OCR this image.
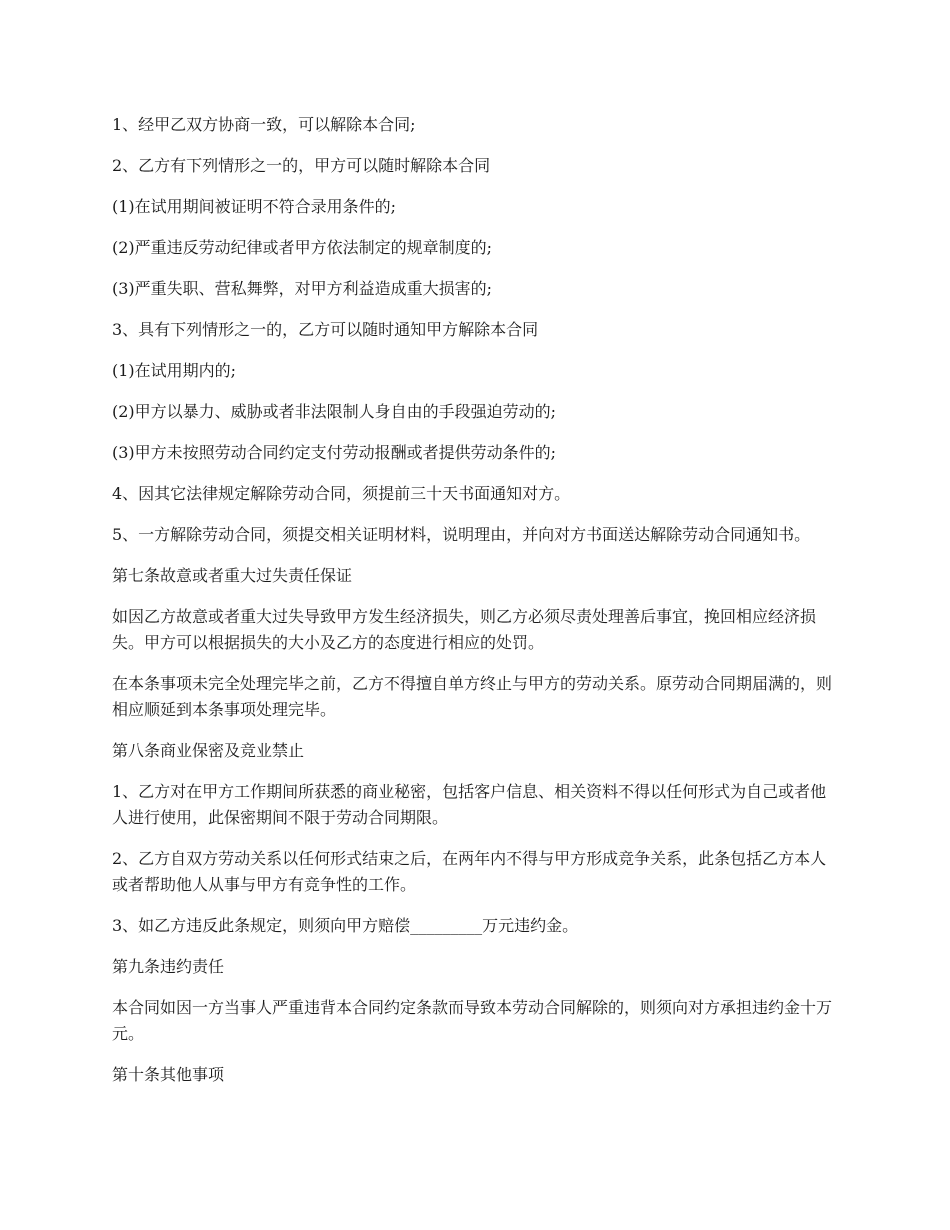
1、经甲乙双方协商一致，可以解除本合同;

2、乙方有下列情形之一的，甲方可以随时解除本合同

(1)在试用期间被证明不符合录用条件的;

(2)严重违反劳动纪律或者甲方依法制定的规章制度的;

(3)严重失职、营私舞弊，对甲方利益造成重大损害的;

3、具有下列情形之一的，乙方可以随时通知甲方解除本合同

(1)在试用期内的;

(2)甲方以暴力、威胁或者非法限制人身自由的手段强迫劳动的;

(3)甲方未按照劳动合同约定支付劳动报酬或者提供劳动条件的;

4、因其它法律规定解除劳动合同，须提前三十天书面通知对方。

5、一方解除劳动合同，须提交相关证明材料，说明理由，并向对方书面送达解除劳动合同通知书。

第七条故意或者重大过失责任保证

如因乙方故意或者重大过失导致甲方发生经济损失，则乙方必须尽责处理善后事宜，挽回相应经济损失。甲方可以根据损失的大小及乙方的态度进行相应的处罚。

在本条事项未完全处理完毕之前，乙方不得擅自单方终止与甲方的劳动关系。原劳动合同期届满的，则相应顺延到本条事项处理完毕。

第八条商业保密及竞业禁止

1、乙方对在甲方工作期间所获悉的商业秘密，包括客户信息、相关资料不得以任何形式为自己或者他人进行使用，此保密期间不限于劳动合同期限。

2、乙方自双方劳动关系以任何形式结束之后，在两年内不得与甲方形成竞争关系，此条包括乙方本人或者帮助他人从事与甲方有竞争性的工作。

3、如乙方违反此条规定，则须向甲方赔偿_________万元违约金。

第九条违约责任

本合同如因一方当事人严重违背本合同约定条款而导致本劳动合同解除的，则须向对方承担违约金十万元。

第十条其他事项
